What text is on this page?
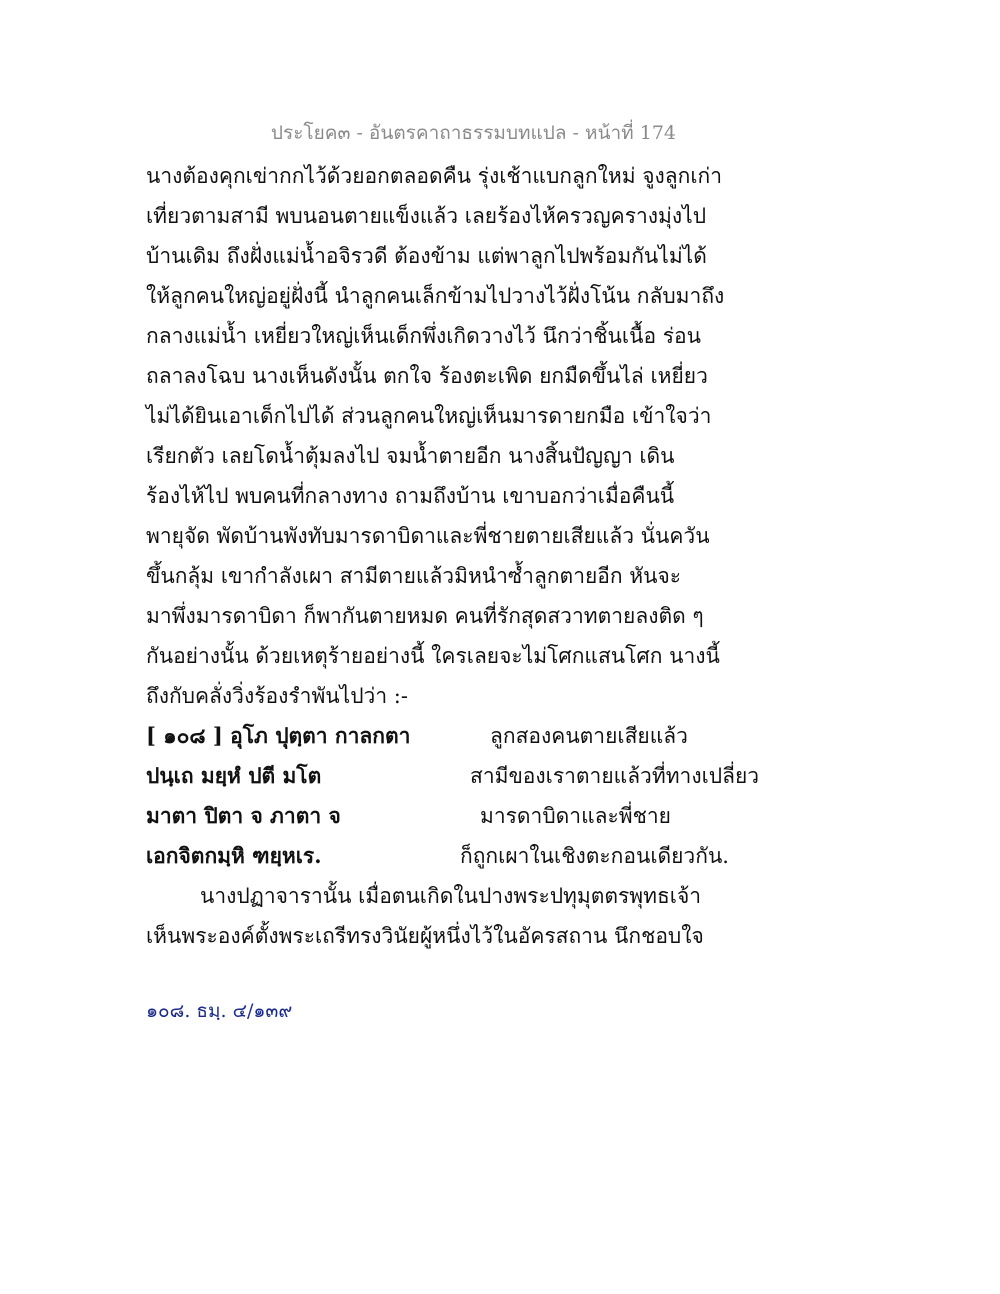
ประโยค๓ - อันตรคาถาธรรมบทแปล - หน้าที่ 174
นางต้องคุกเข่ากกไว้ด้วยอกตลอดคืน รุ่งเช้าแบกลูกใหม่ จูงลูกเก่า
เที่ยวตามสามี พบนอนตายแข็งแล้ว เลยร้องไห้ครวญครางมุ่งไป
บ้านเดิม ถึงฝั่งแม่น้ำอจิรวดี ต้องข้าม แต่พาลูกไปพร้อมกันไม่ได้
ให้ลูกคนใหญ่อยู่ฝั่งนี้ นำลูกคนเล็กข้ามไปวางไว้ฝั่งโน้น กลับมาถึง
กลางแม่น้ำ เหยี่ยวใหญ่เห็นเด็กพึ่งเกิดวางไว้ นึกว่าชิ้นเนื้อ ร่อน
ถลาลงโฉบ นางเห็นดังนั้น ตกใจ ร้องตะเพิด ยกมืดขึ้นไล่ เหยี่ยว
ไม่ได้ยินเอาเด็กไปได้ ส่วนลูกคนใหญ่เห็นมารดายกมือ เข้าใจว่า
เรียกตัว เลยโดน้ำตุ้มลงไป จมน้ำตายอีก นางสิ้นปัญญา เดิน
ร้องไห้ไป พบคนที่กลางทาง ถามถึงบ้าน เขาบอกว่าเมื่อคืนนี้
พายุจัด พัดบ้านพังทับมารดาบิดาและพี่ชายตายเสียแล้ว นั่นควัน
ขึ้นกลุ้ม เขากำลังเผา สามีตายแล้วมิหนำซ้ำลูกตายอีก หันจะ
มาพึ่งมารดาบิดา ก็พากันตายหมด คนที่รักสุดสวาทตายลงติด ๆ
กันอย่างนั้น ด้วยเหตุร้ายอย่างนี้ ใครเลยจะไม่โศกแสนโศก นางนี้
ถึงกับคลั่งวิ่งร้องรำพันไปว่า :-
[ ๑๐๘ ] อุโภ ปุตฺตา กาลกตา	ลูกสองคนตายเสียแล้ว
ปนฺเถ มยฺหํ ปตี มโต	สามีของเราตายแล้วที่ทางเปลี่ยว
มาตา ปิตา จ ภาตา จ	มารดาบิดาและพี่ชาย
เอกจิตกมฺหิ ฑยฺหเร.	ก็ถูกเผาในเชิงตะกอนเดียวกัน.
นางปฏาจารานั้น เมื่อตนเกิดในปางพระปทุมุตตรพุทธเจ้า
เห็นพระองค์ตั้งพระเถรีทรงวินัยผู้หนึ่งไว้ในอัครสถาน นึกชอบใจ
๑๐๘. ธมฺ. ๔/๑๓๙
